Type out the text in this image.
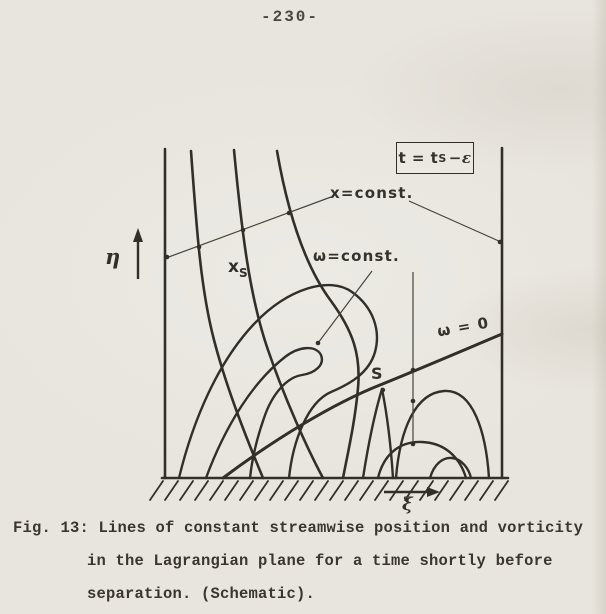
-230-
t = t S −ε
x=const.
ω=const.
ω = 0
$x_S$
S
η
ξ
Fig. 13: Lines of constant streamwise position and vorticity
in the Lagrangian plane for a time shortly before
separation. (Schematic).
